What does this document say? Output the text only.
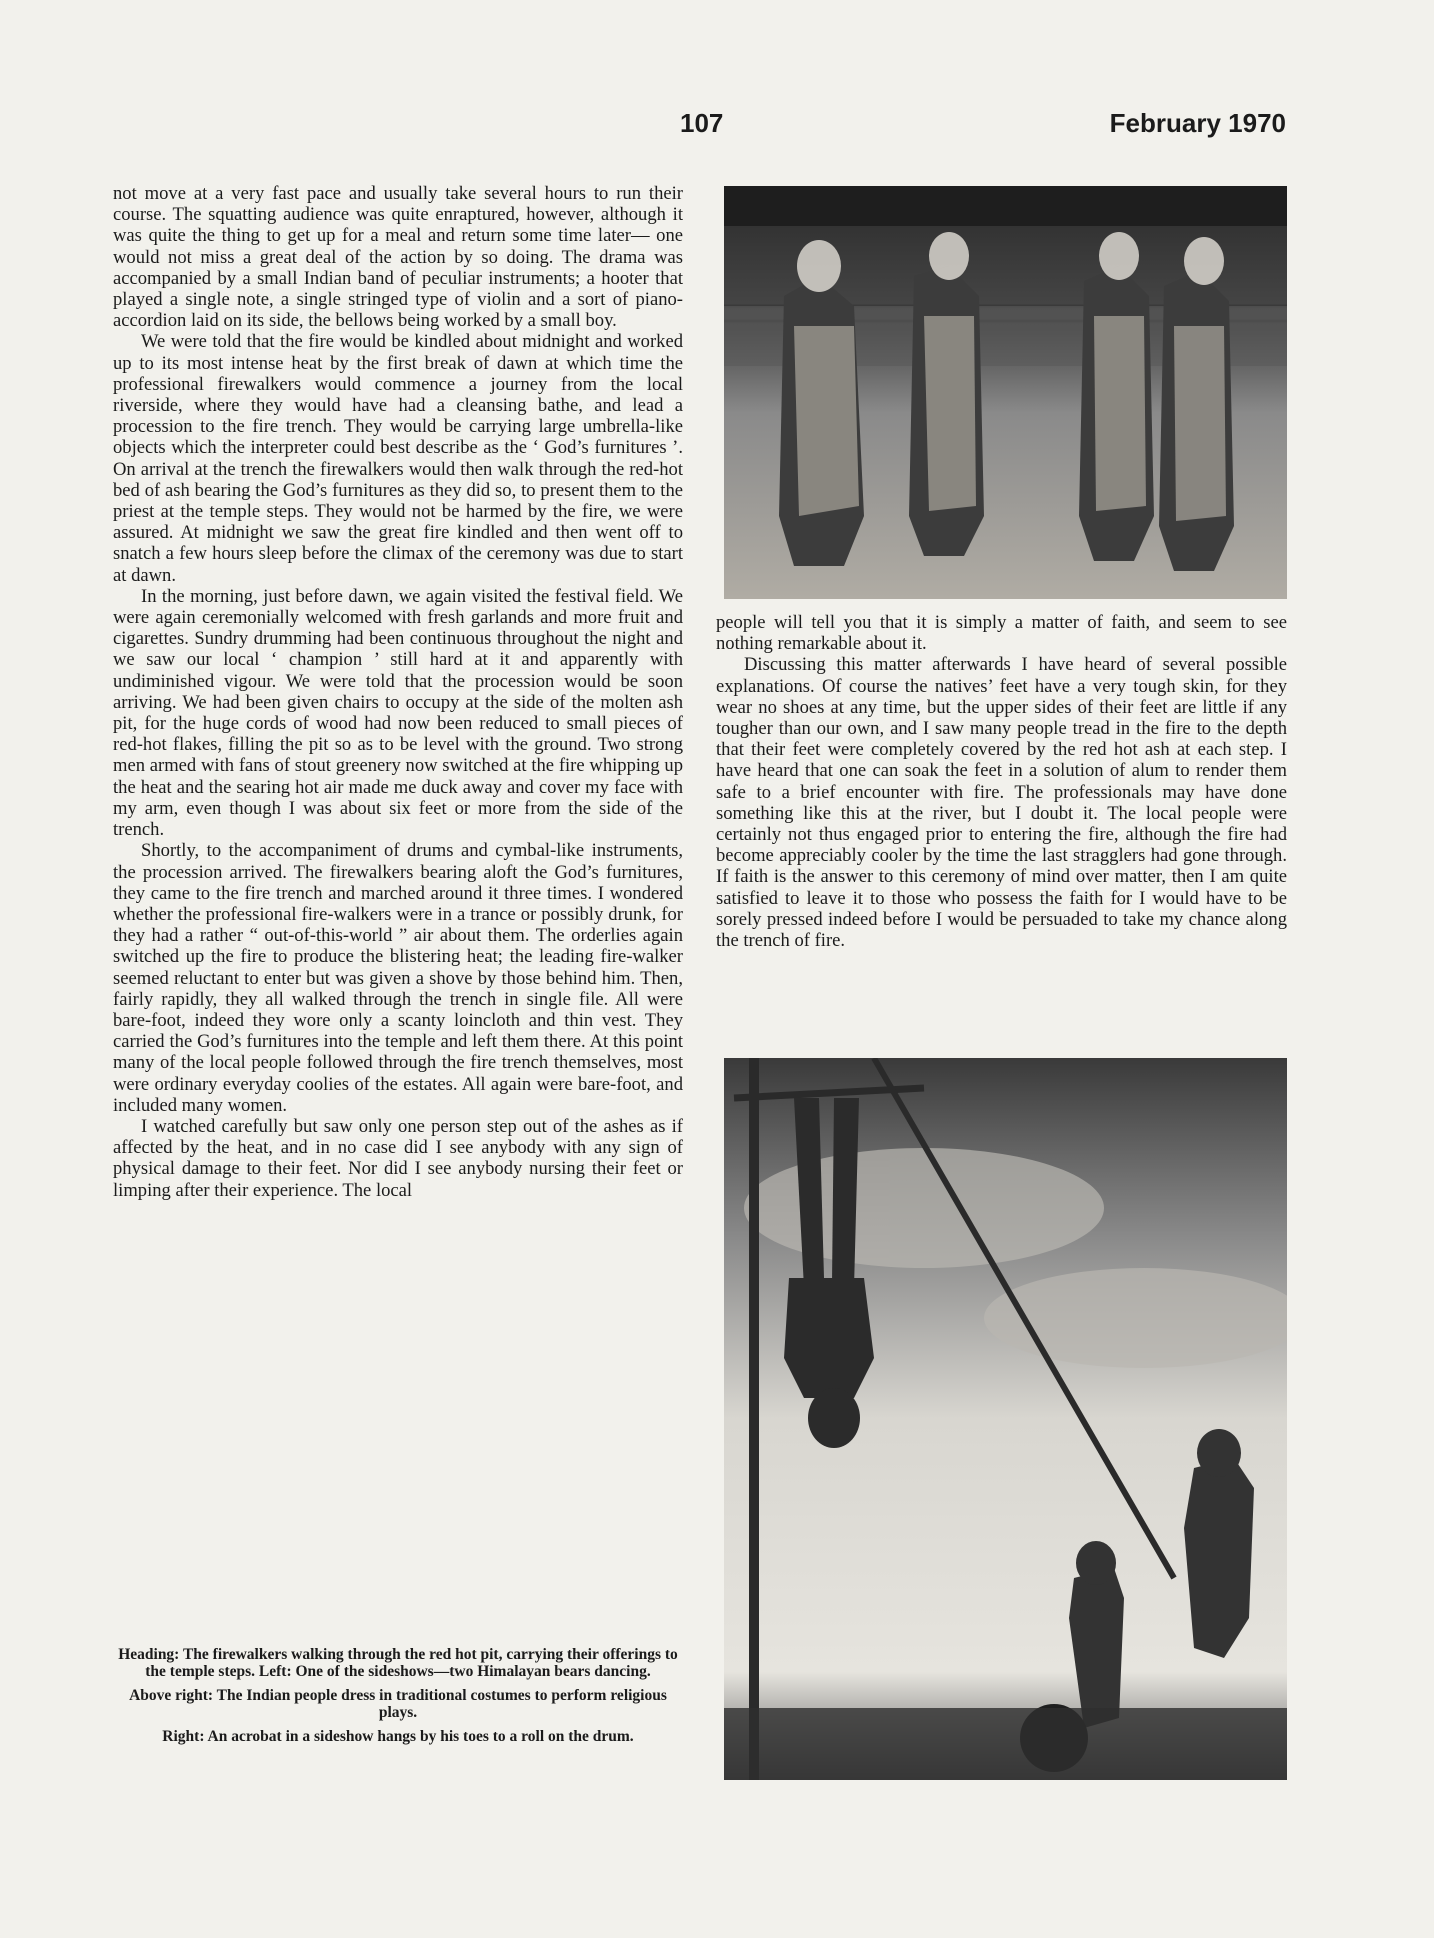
107	February 1970

not move at a very fast pace and usually take several hours to run their course. The squatting audience was quite enraptured, however, although it was quite the thing to get up for a meal and return some time later— one would not miss a great deal of the action by so doing. The drama was accompanied by a small Indian band of peculiar instruments; a hooter that played a single note, a single stringed type of violin and a sort of piano-accordion laid on its side, the bellows being worked by a small boy.

We were told that the fire would be kindled about midnight and worked up to its most intense heat by the first break of dawn at which time the professional firewalkers would commence a journey from the local riverside, where they would have had a cleansing bathe, and lead a procession to the fire trench. They would be carrying large umbrella-like objects which the interpreter could best describe as the ‘ God’s furnitures ’. On arrival at the trench the firewalkers would then walk through the red-hot bed of ash bearing the God’s furnitures as they did so, to present them to the priest at the temple steps. They would not be harmed by the fire, we were assured. At midnight we saw the great fire kindled and then went off to snatch a few hours sleep before the climax of the ceremony was due to start at dawn.

In the morning, just before dawn, we again visited the festival field. We were again ceremonially welcomed with fresh garlands and more fruit and cigarettes. Sundry drumming had been continuous throughout the night and we saw our local ‘ champion ’ still hard at it and apparently with undiminished vigour. We were told that the procession would be soon arriving. We had been given chairs to occupy at the side of the molten ash pit, for the huge cords of wood had now been reduced to small pieces of red-hot flakes, filling the pit so as to be level with the ground. Two strong men armed with fans of stout greenery now switched at the fire whipping up the heat and the searing hot air made me duck away and cover my face with my arm, even though I was about six feet or more from the side of the trench.

Shortly, to the accompaniment of drums and cymbal-like instruments, the procession arrived. The firewalkers bearing aloft the God’s furnitures, they came to the fire trench and marched around it three times. I wondered whether the professional fire-walkers were in a trance or possibly drunk, for they had a rather “ out-of-this-world ” air about them. The orderlies again switched up the fire to produce the blistering heat; the leading fire-walker seemed reluctant to enter but was given a shove by those behind him. Then, fairly rapidly, they all walked through the trench in single file. All were bare-foot, indeed they wore only a scanty loincloth and thin vest. They carried the God’s furnitures into the temple and left them there. At this point many of the local people followed through the fire trench themselves, most were ordinary everyday coolies of the estates. All again were bare-foot, and included many women.

I watched carefully but saw only one person step out of the ashes as if affected by the heat, and in no case did I see anybody with any sign of physical damage to their feet. Nor did I see anybody nursing their feet or limping after their experience. The local

people will tell you that it is simply a matter of faith, and seem to see nothing remarkable about it.

Discussing this matter afterwards I have heard of several possible explanations. Of course the natives’ feet have a very tough skin, for they wear no shoes at any time, but the upper sides of their feet are little if any tougher than our own, and I saw many people tread in the fire to the depth that their feet were completely covered by the red hot ash at each step. I have heard that one can soak the feet in a solution of alum to render them safe to a brief encounter with fire. The professionals may have done something like this at the river, but I doubt it. The local people were certainly not thus engaged prior to entering the fire, although the fire had become appreciably cooler by the time the last stragglers had gone through. If faith is the answer to this ceremony of mind over matter, then I am quite satisfied to leave it to those who possess the faith for I would have to be sorely pressed indeed before I would be persuaded to take my chance along the trench of fire.

Heading: The firewalkers walking through the red hot pit, carrying their offerings to the temple steps. Left: One of the sideshows—two Himalayan bears dancing.

Above right: The Indian people dress in traditional costumes to perform religious plays.

Right: An acrobat in a sideshow hangs by his toes to a roll on the drum.
